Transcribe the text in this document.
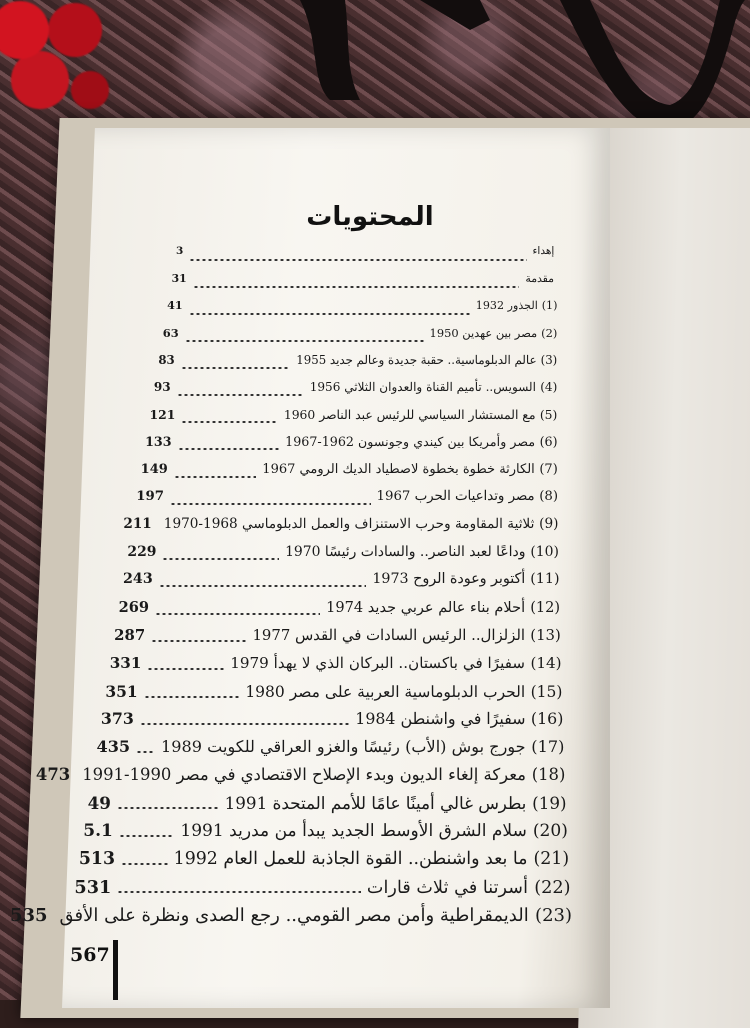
المحتويات
إهداء
3
مقدمة
31
(1)
الجذور 1932
41
(2)
مصر بين عهدين 1950
63
(3)
عالم الدبلوماسية.. حقبة جديدة وعالم جديد 1955
83
(4)
السويس.. تأميم القناة والعدوان الثلاثي 1956
93
(5)
مع المستشار السياسي للرئيس عبد الناصر 1960
121
(6)
مصر وأمريكا بين كيندي وجونسون 1962-1967
133
(7)
الكارثة خطوة بخطوة لاصطياد الديك الرومي 1967
149
(8)
مصر وتداعيات الحرب 1967
197
(9)
ثلاثية المقاومة وحرب الاستنزاف والعمل الدبلوماسي 1968-1970
211
(10)
وداعًا لعبد الناصر.. والسادات رئيسًا 1970
229
(11)
أكتوبر وعودة الروح 1973
243
(12)
أحلام بناء عالم عربي جديد 1974
269
(13)
الزلزال.. الرئيس السادات في القدس 1977
287
(14)
سفيرًا في باكستان.. البركان الذي لا يهدأ 1979
331
(15)
الحرب الدبلوماسية العربية على مصر 1980
351
(16)
سفيرًا في واشنطن 1984
373
(17)
جورج بوش (الأب) رئيسًا والغزو العراقي للكويت 1989
435
(18)
معركة إلغاء الديون وبدء الإصلاح الاقتصادي في مصر 1990-1991
473
(19)
بطرس غالي أمينًا عامًا للأمم المتحدة 1991
49
(20)
سلام الشرق الأوسط الجديد يبدأ من مدريد 1991
5.1
(21)
ما بعد واشنطن.. القوة الجاذبة للعمل العام 1992
513
(22)
أسرتنا في ثلاث قارات
531
(23)
الديمقراطية وأمن مصر القومي.. رجع الصدى ونظرة على الأفق
535
567
